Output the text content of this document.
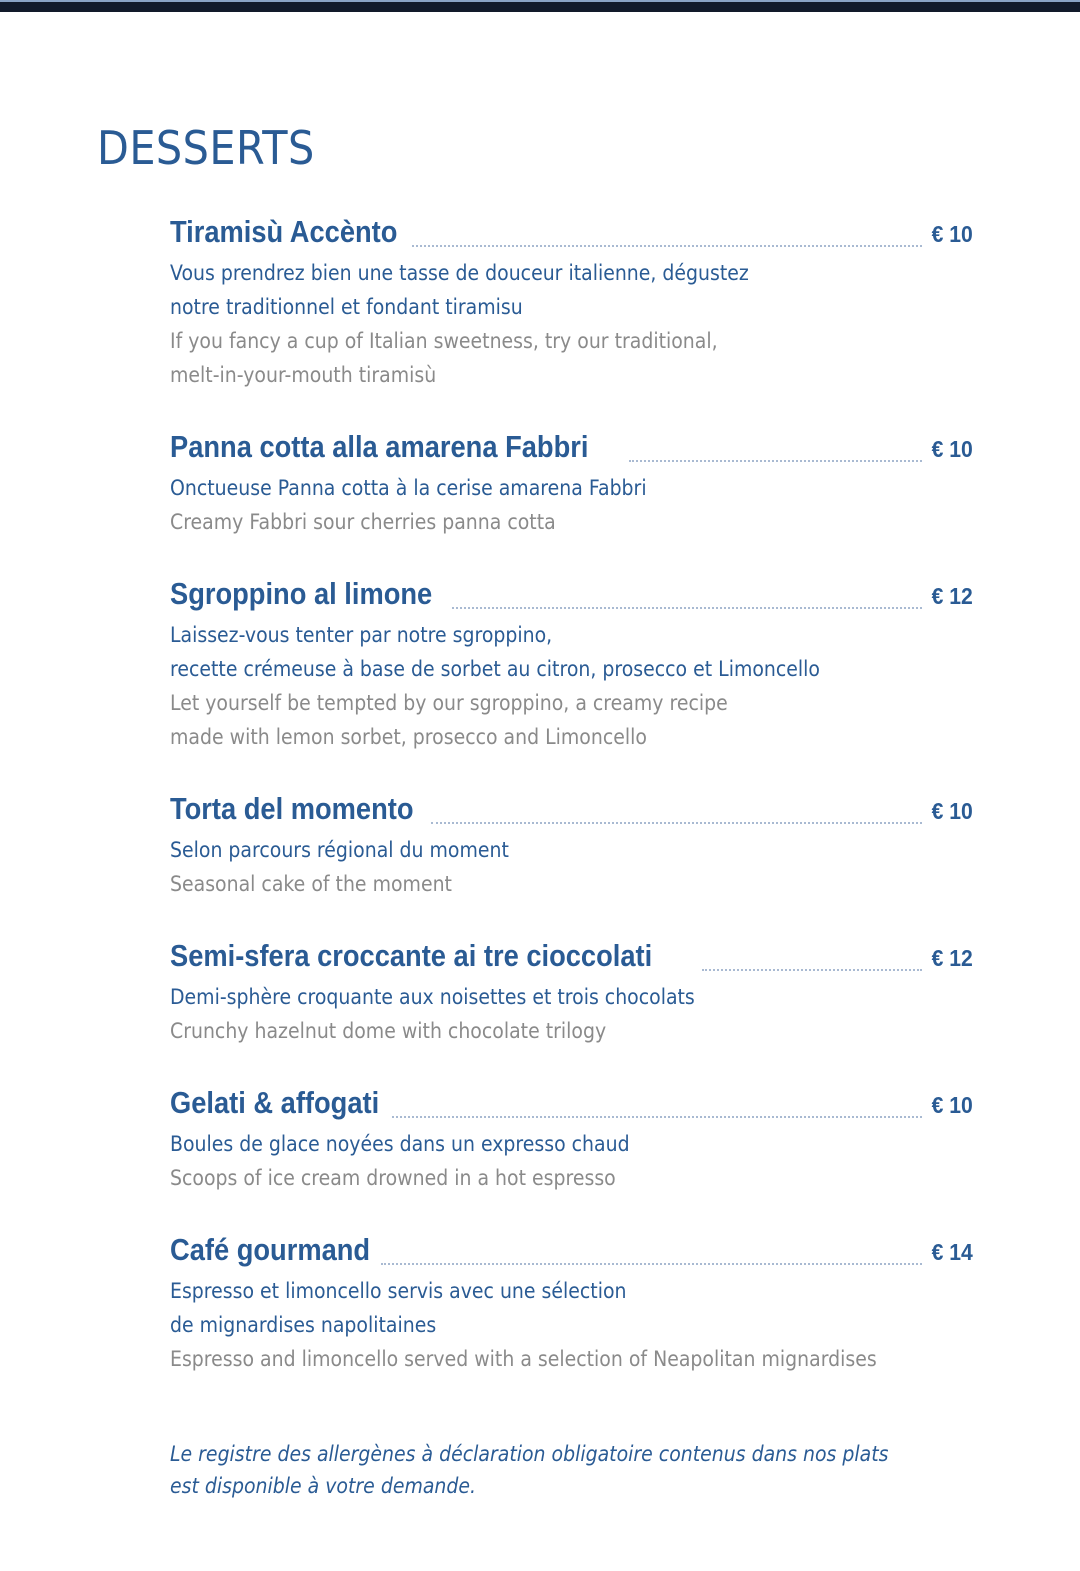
DESSERTS
Tiramisù Accènto	€ 10
Vous prendrez bien une tasse de douceur italienne, dégustez
notre traditionnel et fondant tiramisu
If you fancy a cup of Italian sweetness, try our traditional,
melt-in-your-mouth tiramisù
Panna cotta alla amarena Fabbri	€ 10
Onctueuse Panna cotta à la cerise amarena Fabbri
Creamy Fabbri sour cherries panna cotta
Sgroppino al limone	€ 12
Laissez-vous tenter par notre sgroppino,
recette crémeuse à base de sorbet au citron, prosecco et Limoncello
Let yourself be tempted by our sgroppino, a creamy recipe
made with lemon sorbet, prosecco and Limoncello
Torta del momento	€ 10
Selon parcours régional du moment
Seasonal cake of the moment
Semi-sfera croccante ai tre cioccolati	€ 12
Demi-sphère croquante aux noisettes et trois chocolats
Crunchy hazelnut dome with chocolate trilogy
Gelati & affogati	€ 10
Boules de glace noyées dans un expresso chaud
Scoops of ice cream drowned in a hot espresso
Café gourmand	€ 14
Espresso et limoncello servis avec une sélection
de mignardises napolitaines
Espresso and limoncello served with a selection of Neapolitan mignardises
Le registre des allergènes à déclaration obligatoire contenus dans nos plats
est disponible à votre demande.
